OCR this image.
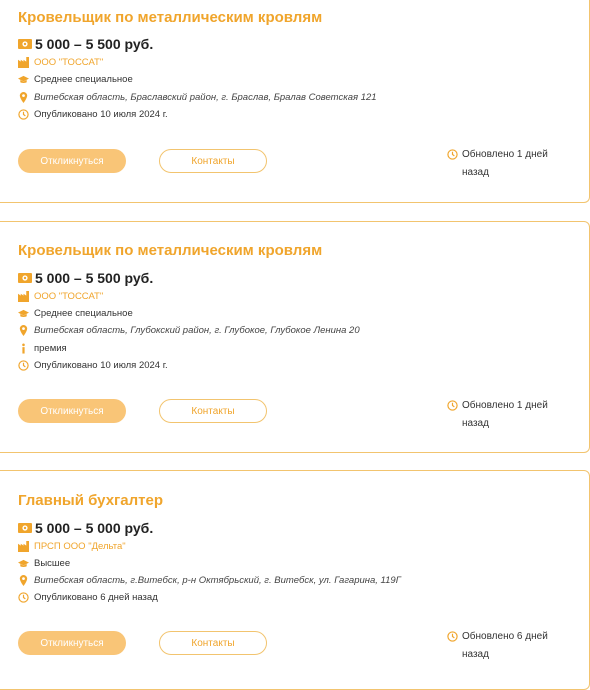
Кровельщик по металлическим кровлям
5 000 – 5 500 руб.
ООО "ТОССАТ"
Среднее специальное
Витебская область, Браславский район, г. Браслав, Бралав Советская 121
Опубликовано 10 июля 2024 г.
Откликнуться	Контакты
Обновлено 1 дней назад
Кровельщик по металлическим кровлям
5 000 – 5 500 руб.
ООО "ТОССАТ"
Среднее специальное
Витебская область, Глубокский район, г. Глубокое, Глубокое Ленина 20
премия
Опубликовано 10 июля 2024 г.
Откликнуться	Контакты	Обновлено 1 дней назад
Главный бухгалтер
5 000 – 5 000 руб.
ПРСП ООО "Дельта"
Высшее
Витебская область, г.Витебск, р-н Октябрьский, г. Витебск, ул. Гагарина, 119Г
Опубликовано 6 дней назад
Откликнуться	Контакты
Обновлено 6 дней назад
